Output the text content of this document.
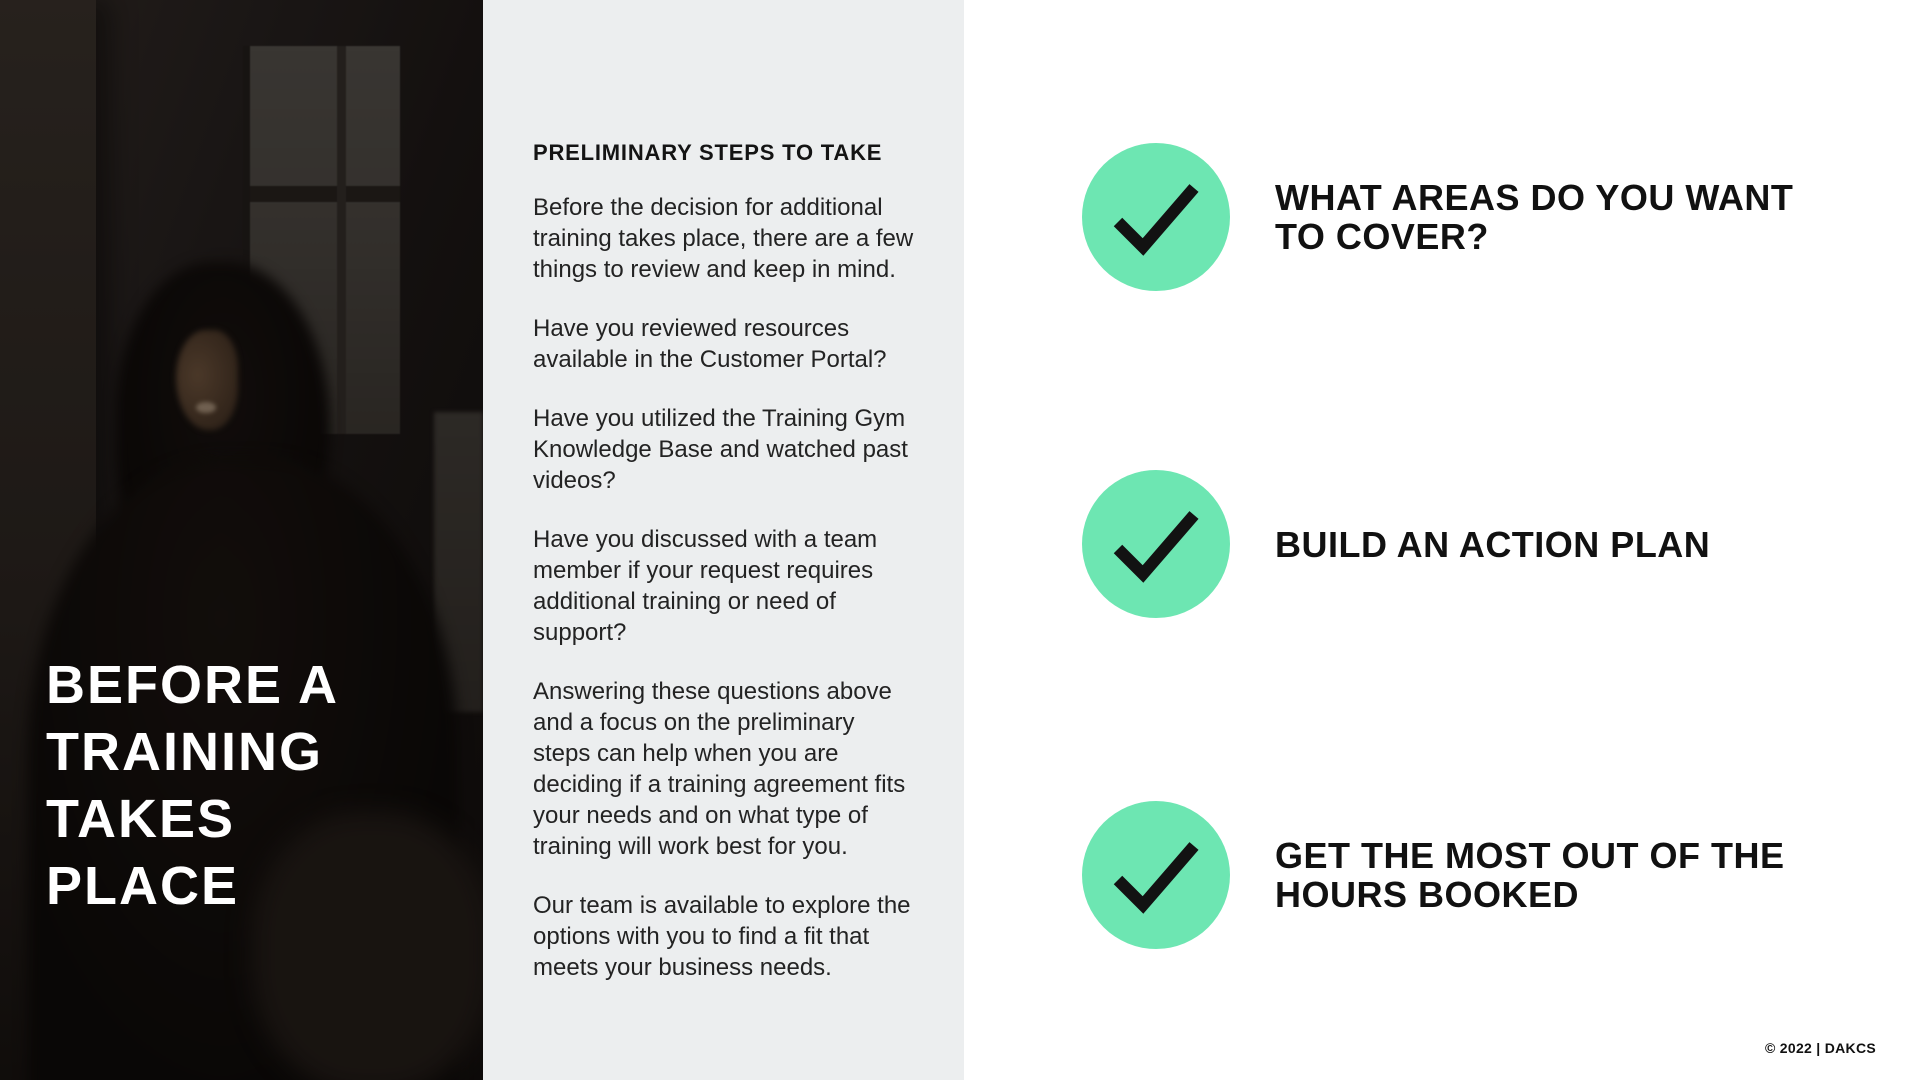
BEFORE A
TRAINING
TAKES
PLACE
PRELIMINARY STEPS TO TAKE

Before the decision for additional training takes place, there are a few things to review and keep in mind.

Have you reviewed resources available in the Customer Portal?

Have you utilized the Training Gym Knowledge Base and watched past videos?

Have you discussed with a team member if your request requires additional training or need of support?

Answering these questions above and a focus on the preliminary steps can help when you are deciding if a training agreement fits your needs and on what type of training will work best for you.

Our team is available to explore the options with you to find a fit that meets your business needs.

WHAT AREAS DO YOU WANT
TO COVER?
BUILD AN ACTION PLAN
GET THE MOST OUT OF THE
HOURS BOOKED
© 2022 | DAKCS
